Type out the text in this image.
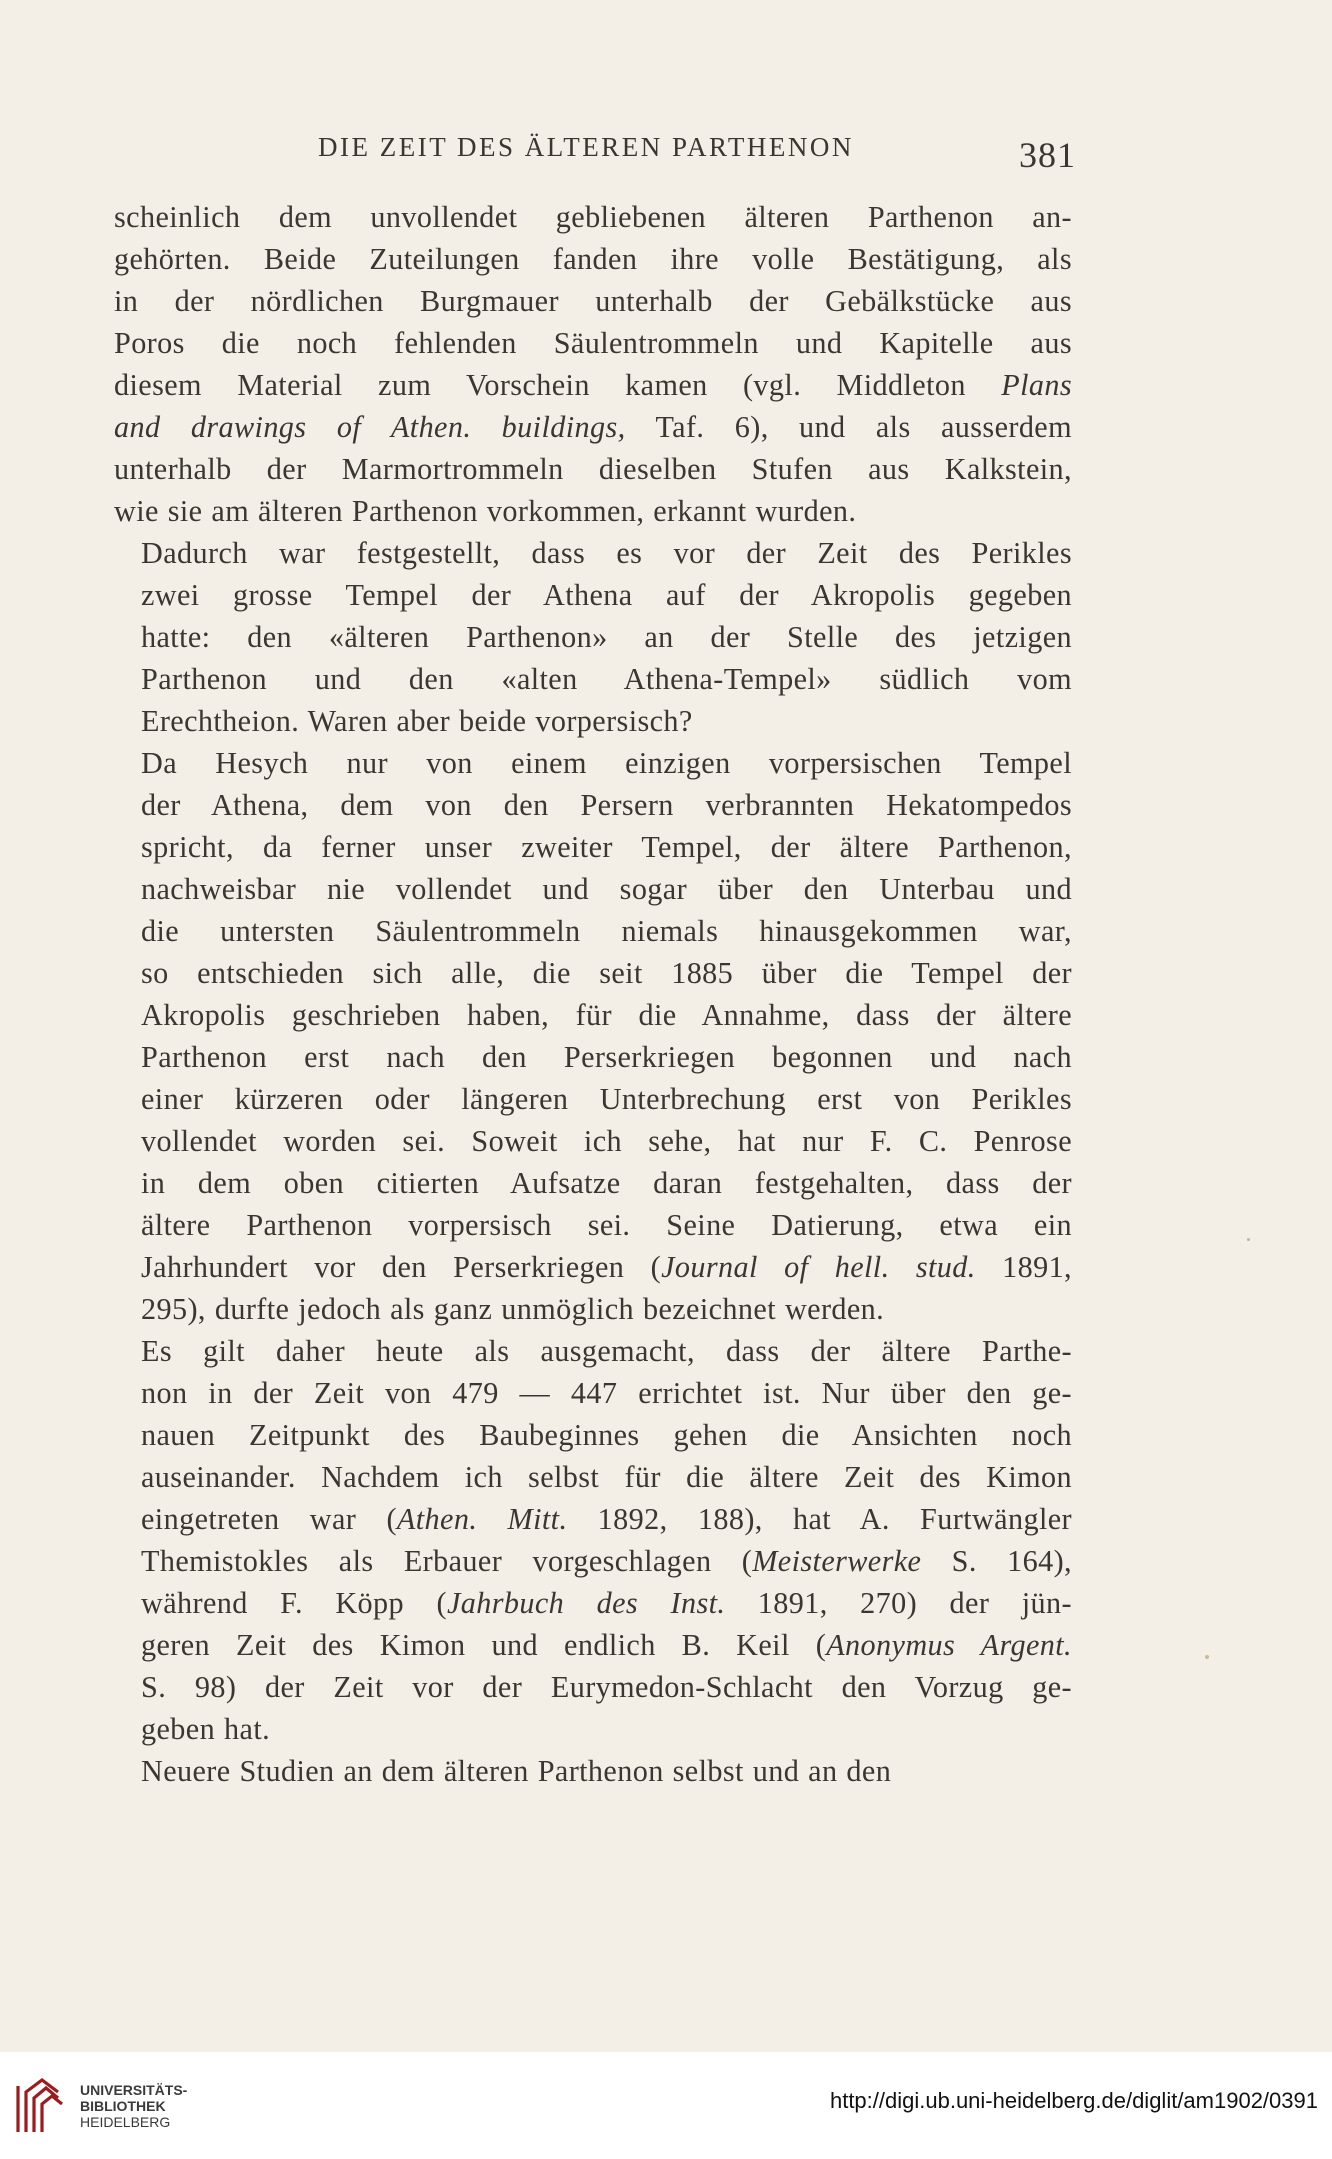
DIE ZEIT DES ÄLTEREN PARTHENON	381
scheinlich dem unvollendet gebliebenen älteren Parthenon an-
gehörten. Beide Zuteilungen fanden ihre volle Bestätigung, als
in der nördlichen Burgmauer unterhalb der Gebälkstücke aus
Poros die noch fehlenden Säulentrommeln und Kapitelle aus
diesem Material zum Vorschein kamen (vgl. Middleton Plans
and drawings of Athen. buildings, Taf. 6), und als ausserdem
unterhalb der Marmortrommeln dieselben Stufen aus Kalkstein,
wie sie am älteren Parthenon vorkommen, erkannt wurden.
Dadurch war festgestellt, dass es vor der Zeit des Perikles
zwei grosse Tempel der Athena auf der Akropolis gegeben
hatte: den «älteren Parthenon» an der Stelle des jetzigen
Parthenon und den «alten Athena-Tempel» südlich vom
Erechtheion. Waren aber beide vorpersisch?
Da Hesych nur von einem einzigen vorpersischen Tempel
der Athena, dem von den Persern verbrannten Hekatompedos
spricht, da ferner unser zweiter Tempel, der ältere Parthenon,
nachweisbar nie vollendet und sogar über den Unterbau und
die untersten Säulentrommeln niemals hinausgekommen war,
so entschieden sich alle, die seit 1885 über die Tempel der
Akropolis geschrieben haben, für die Annahme, dass der ältere
Parthenon erst nach den Perserkriegen begonnen und nach
einer kürzeren oder längeren Unterbrechung erst von Perikles
vollendet worden sei. Soweit ich sehe, hat nur F. C. Penrose
in dem oben citierten Aufsatze daran festgehalten, dass der
ältere Parthenon vorpersisch sei. Seine Datierung, etwa ein
Jahrhundert vor den Perserkriegen (Journal of hell. stud. 1891,
295), durfte jedoch als ganz unmöglich bezeichnet werden.
Es gilt daher heute als ausgemacht, dass der ältere Parthe-
non in der Zeit von 479 — 447 errichtet ist. Nur über den ge-
nauen Zeitpunkt des Baubeginnes gehen die Ansichten noch
auseinander. Nachdem ich selbst für die ältere Zeit des Kimon
eingetreten war (Athen. Mitt. 1892, 188), hat A. Furtwängler
Themistokles als Erbauer vorgeschlagen (Meisterwerke S. 164),
während F. Köpp (Jahrbuch des Inst. 1891, 270) der jün-
geren Zeit des Kimon und endlich B. Keil (Anonymus Argent.
S. 98) der Zeit vor der Eurymedon-Schlacht den Vorzug ge-
geben hat.
Neuere Studien an dem älteren Parthenon selbst und an den
UNIVERSITÄTS-
BIBLIOTHEK
HEIDELBERG
http://digi.ub.uni-heidelberg.de/diglit/am1902/0391
